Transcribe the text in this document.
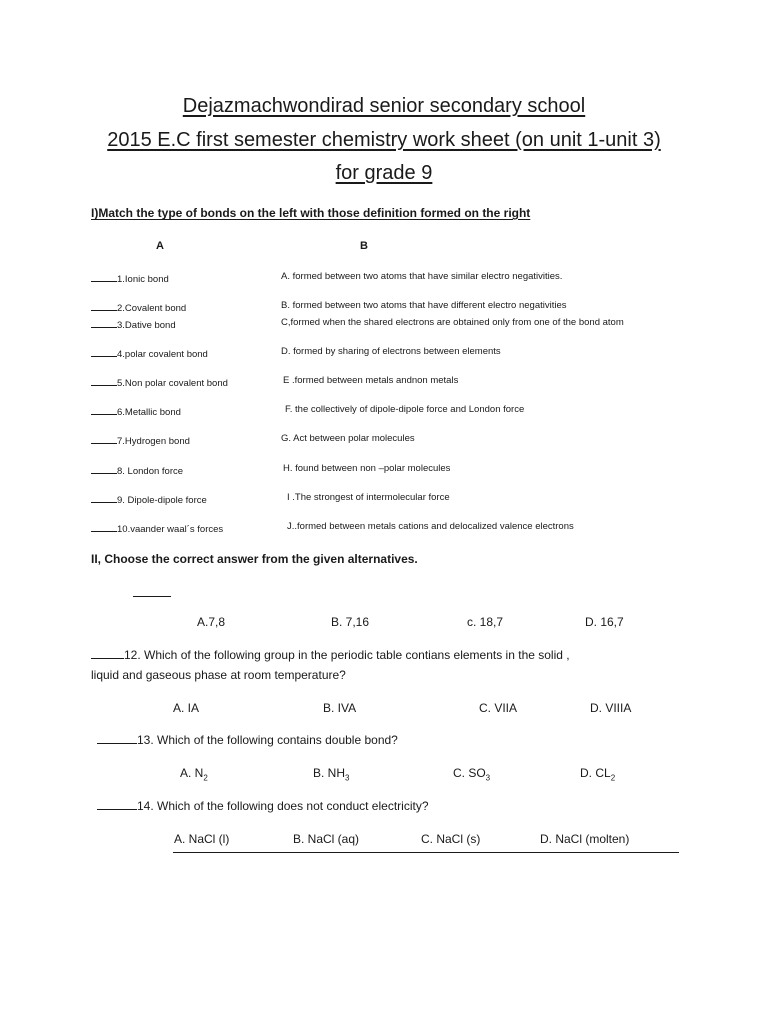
Dejazmachwondirad senior secondary school
2015 E.C first semester chemistry work sheet (on unit 1-unit 3)
for grade 9
I)Match the type of bonds on the left with those definition formed on the right
A	B
1.Ionic bond	A. formed between two atoms that have similar electro negativities.
2.Covalent bond	B. formed between two atoms that have different electro negativities
3.Dative bond	C,formed when the shared electrons are obtained only from one of the bond atom
4.polar covalent bond	D. formed by sharing of electrons between elements
5.Non polar covalent bond	E .formed between metals andnon metals
6.Metallic bond	F. the collectively of dipole-dipole force and London force
7.Hydrogen bond	G. Act between polar molecules
8. London force	H. found between non –polar molecules
9. Dipole-dipole force	I .The strongest of intermolecular force
10.vaander waal´s forces	J..formed between metals cations and delocalized valence electrons
II, Choose the correct answer from the given alternatives.
A.7,8	B. 7,16	c. 18,7	D. 16,7
12. Which of the following group in the periodic table contians elements in the solid ,
liquid and gaseous phase at room temperature?
A. IA	B. IVA	C. VIIA	D. VIIIA
13. Which of the following contains double bond?
A. $N_2$	B. $NH_3$	C. $SO_3$	D. $CL_2$
14. Which of the following does not conduct electricity?
A. NaCl (l)	B. NaCl (aq)	C. NaCl (s)	D. NaCl (molten)
